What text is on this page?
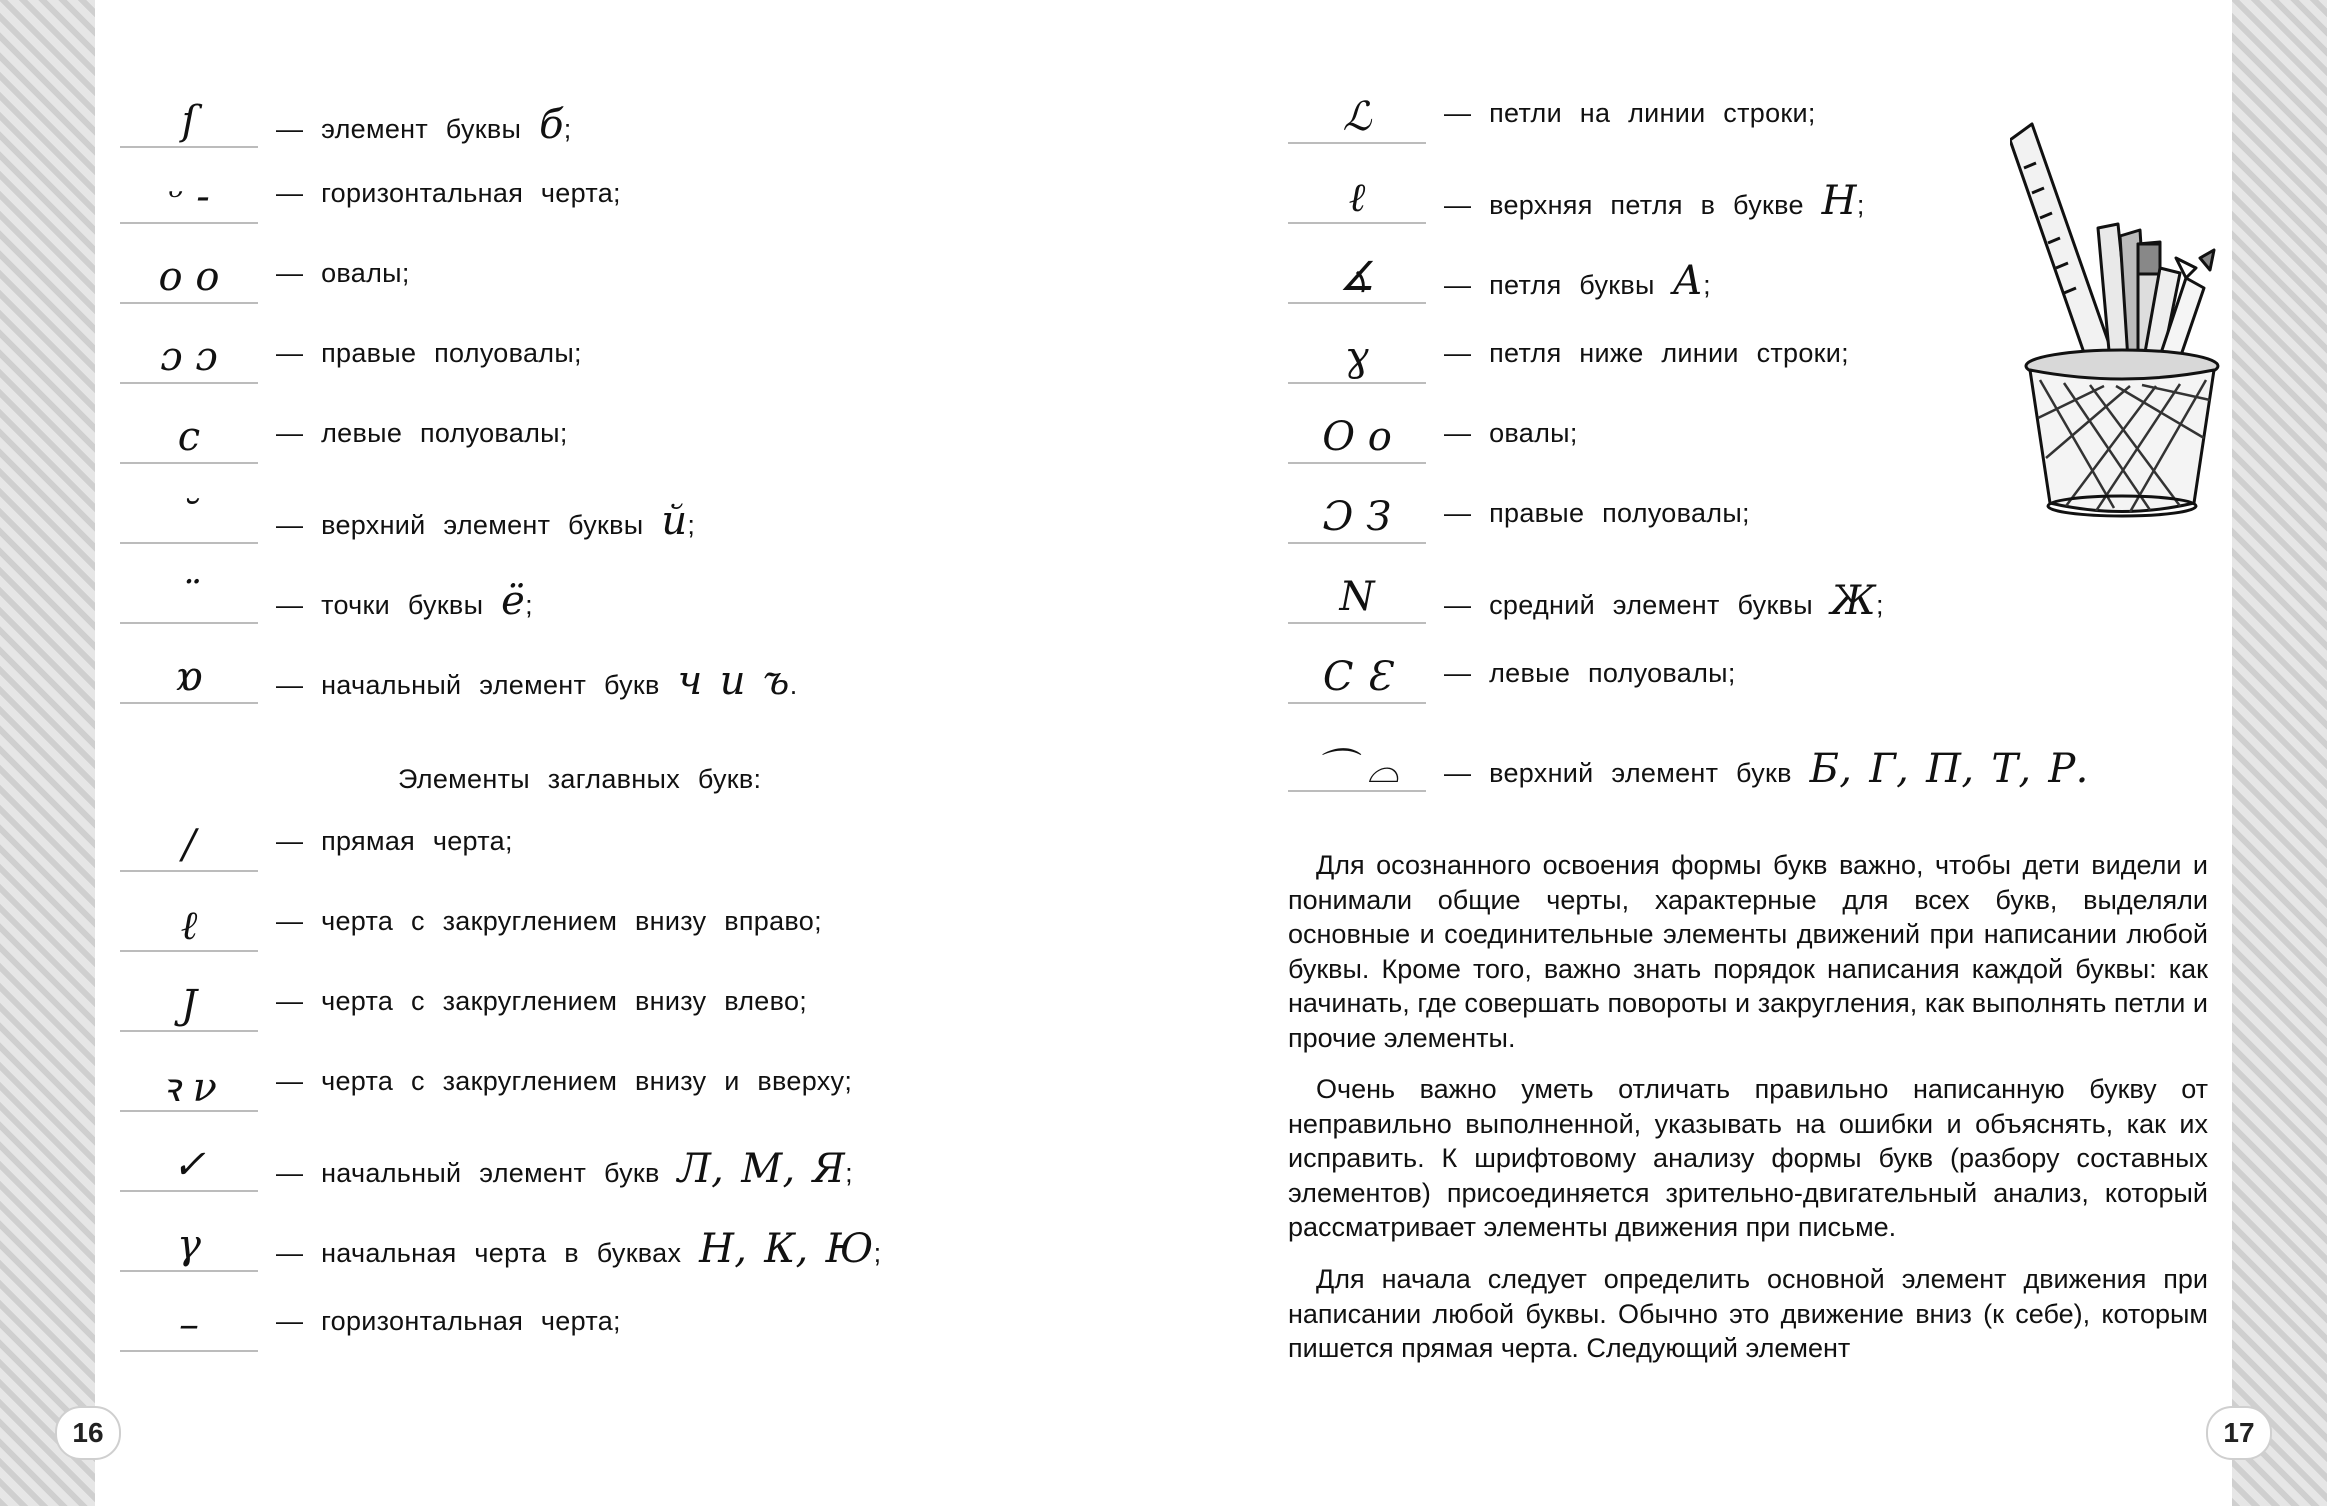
ſ	— элемент буквы б;
ᵕ -	— горизонтальная черта;
o o	— овалы;
ɔ ɔ	— правые полуовалы;
c	— левые полуовалы;
˘	— верхний элемент буквы й;
¨	— точки буквы ё;
ɒ	— начальный элемент букв ч и ъ.
Элементы заглавных букв:
/	— прямая черта;
ℓ	— черта с закруглением внизу вправо;
J	— черта с закруглением внизу влево;
ꝛ ν	— черта с закруглением внизу и вверху;
✓	— начальный элемент букв Л, М, Я;
γ	— начальная черта в буквах Н, К, Ю;
–	— горизонтальная черта;
16
ℒ	— петли на линии строки;
ℓ	— верхняя петля в букве Н;
∡	— петля буквы А;
ɣ	— петля ниже линии строки;
O o	— овалы;
Ɔ З	— правые полуовалы;
N	— средний элемент буквы Ж;
C Ɛ	— левые полуовалы;
⌒ ⌓	— верхний элемент букв Б, Г, П, Т, Р.

Для осознанного освоения формы букв важно, чтобы дети видели и понимали общие черты, характерные для всех букв, выделяли основные и соединительные элементы движений при написании любой буквы. Кроме того, важно знать порядок написания каждой буквы: как начинать, где совершать повороты и закругления, как выполнять петли и прочие элементы.

Очень важно уметь отличать правильно написанную букву от неправильно выполненной, указывать на ошибки и объяснять, как их исправить. К шрифтовому анализу формы букв (разбору составных элементов) присоединяется зрительно-двигательный анализ, который рассматривает элементы движения при письме.

Для начала следует определить основной элемент движения при написании любой буквы. Обычно это движение вниз (к себе), которым пишется прямая черта. Следующий элемент

17
